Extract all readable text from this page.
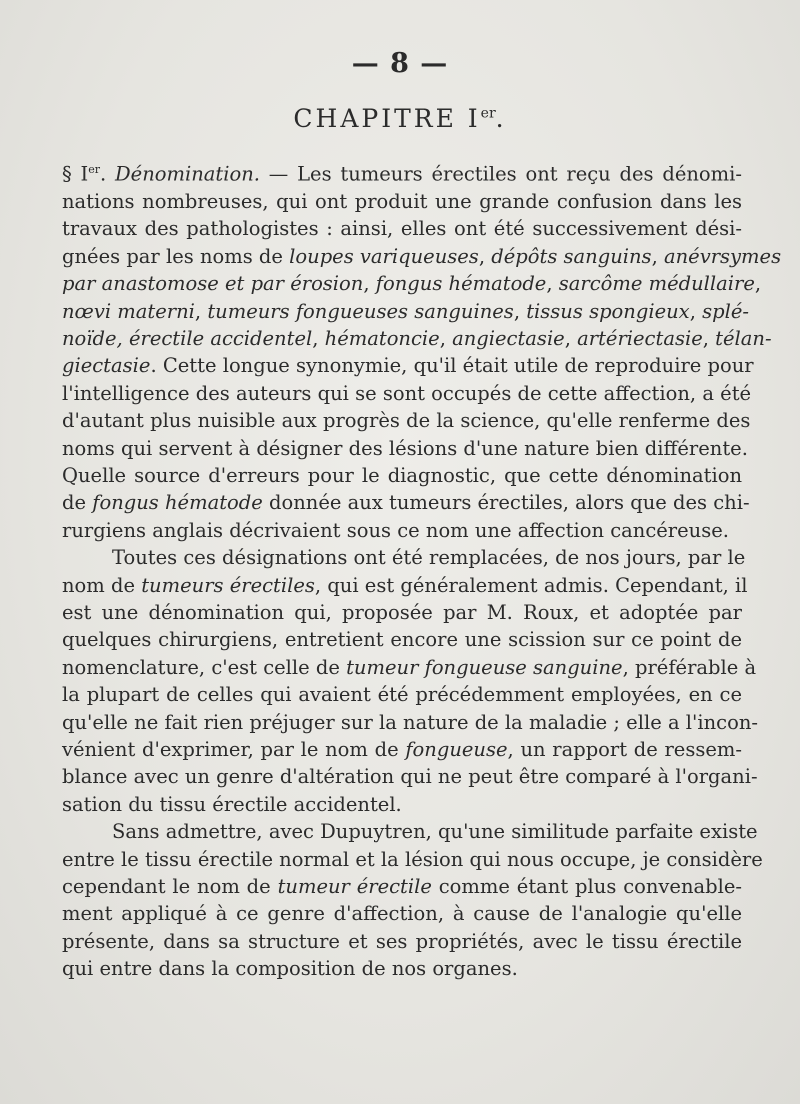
— 8 —
CHAPITRE Ier.
§ Ier. Dénomination. — Les tumeurs érectiles ont reçu des dénomi-
nations nombreuses, qui ont produit une grande confusion dans les
travaux des pathologistes : ainsi, elles ont été successivement dési-
gnées par les noms de loupes variqueuses, dépôts sanguins, anévrsymes
par anastomose et par érosion, fongus hématode, sarcôme médullaire,
nœvi materni, tumeurs fongueuses sanguines, tissus spongieux, splé-
noïde, érectile accidentel, hématoncie, angiectasie, artériectasie, télan-
giectasie. Cette longue synonymie, qu'il était utile de reproduire pour
l'intelligence des auteurs qui se sont occupés de cette affection, a été
d'autant plus nuisible aux progrès de la science, qu'elle renferme des
noms qui servent à désigner des lésions d'une nature bien différente.
Quelle source d'erreurs pour le diagnostic, que cette dénomination
de fongus hématode donnée aux tumeurs érectiles, alors que des chi-
rurgiens anglais décrivaient sous ce nom une affection cancéreuse.
Toutes ces désignations ont été remplacées, de nos jours, par le
nom de tumeurs érectiles, qui est généralement admis. Cependant, il
est une dénomination qui, proposée par M. Roux, et adoptée par
quelques chirurgiens, entretient encore une scission sur ce point de
nomenclature, c'est celle de tumeur fongueuse sanguine, préférable à
la plupart de celles qui avaient été précédemment employées, en ce
qu'elle ne fait rien préjuger sur la nature de la maladie ; elle a l'incon-
vénient d'exprimer, par le nom de fongueuse, un rapport de ressem-
blance avec un genre d'altération qui ne peut être comparé à l'organi-
sation du tissu érectile accidentel.
Sans admettre, avec Dupuytren, qu'une similitude parfaite existe
entre le tissu érectile normal et la lésion qui nous occupe, je considère
cependant le nom de tumeur érectile comme étant plus convenable-
ment appliqué à ce genre d'affection, à cause de l'analogie qu'elle
présente, dans sa structure et ses propriétés, avec le tissu érectile
qui entre dans la composition de nos organes.
